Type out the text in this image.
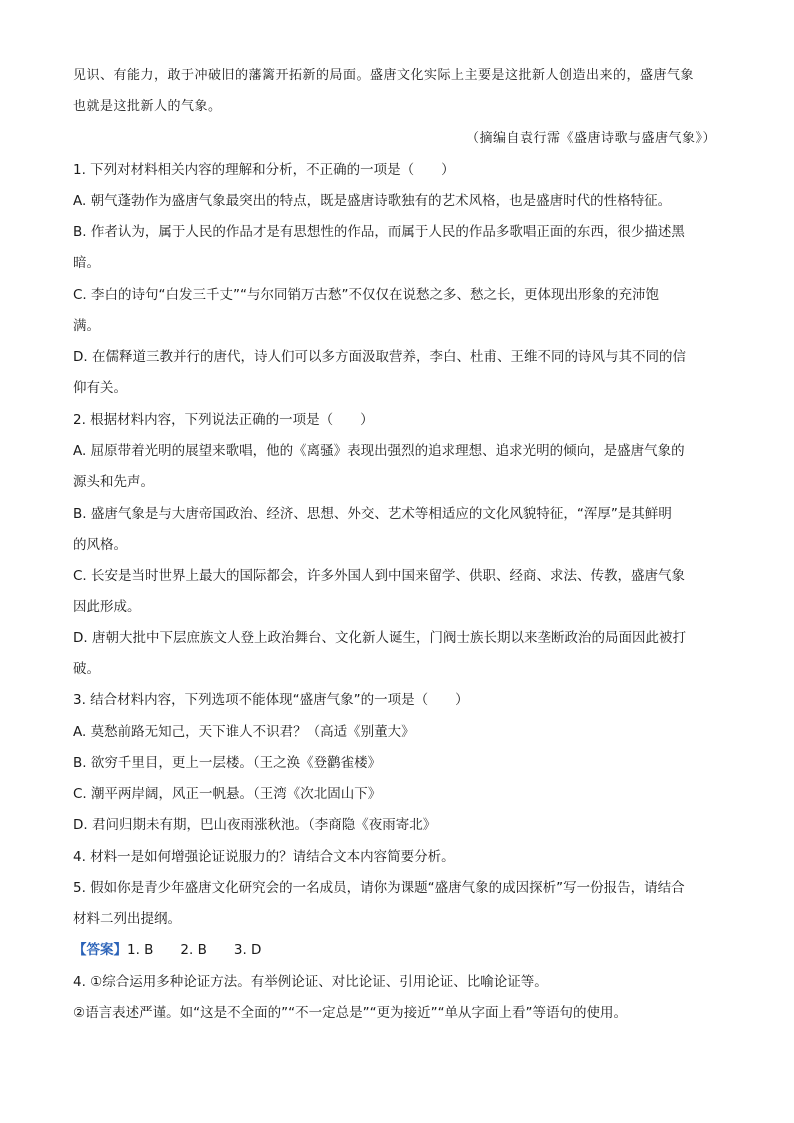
见识、有能力，敢于冲破旧的藩篱开拓新的局面。盛唐文化实际上主要是这批新人创造出来的，盛唐气象
也就是这批新人的气象。
（摘编自袁行霈《盛唐诗歌与盛唐气象》）
1. 下列对材料相关内容的理解和分析，不正确的一项是（　　）
A. 朝气蓬勃作为盛唐气象最突出的特点，既是盛唐诗歌独有的艺术风格，也是盛唐时代的性格特征。
B. 作者认为，属于人民的作品才是有思想性的作品，而属于人民的作品多歌唱正面的东西，很少描述黑
暗。
C. 李白的诗句“白发三千丈”“与尔同销万古愁”不仅仅在说愁之多、愁之长，更体现出形象的充沛饱
满。
D. 在儒释道三教并行的唐代，诗人们可以多方面汲取营养，李白、杜甫、王维不同的诗风与其不同的信
仰有关。
2. 根据材料内容，下列说法正确的一项是（　　）
A. 屈原带着光明的展望来歌唱，他的《离骚》表现出强烈的追求理想、追求光明的倾向，是盛唐气象的
源头和先声。
B. 盛唐气象是与大唐帝国政治、经济、思想、外交、艺术等相适应的文化风貌特征，“浑厚”是其鲜明
的风格。
C. 长安是当时世界上最大的国际都会，许多外国人到中国来留学、供职、经商、求法、传教，盛唐气象
因此形成。
D. 唐朝大批中下层庶族文人登上政治舞台、文化新人诞生，门阀士族长期以来垄断政治的局面因此被打
破。
3. 结合材料内容，下列选项不能体现“盛唐气象”的一项是（　　）
A. 莫愁前路无知己，天下谁人不识君？（高适《别董大》
B. 欲穷千里目，更上一层楼。（王之涣《登鹳雀楼》
C. 潮平两岸阔，风正一帆悬。（王湾《次北固山下》
D. 君问归期未有期，巴山夜雨涨秋池。（李商隐《夜雨寄北》
4. 材料一是如何增强论证说服力的？请结合文本内容简要分析。
5. 假如你是青少年盛唐文化研究会的一名成员，请你为课题“盛唐气象的成因探析”写一份报告，请结合
材料二列出提纲。
【答案】1. B　　2. B　　3. D
4. ①综合运用多种论证方法。有举例论证、对比论证、引用论证、比喻论证等。
②语言表述严谨。如“这是不全面的”“不一定总是”“更为接近”“单从字面上看”等语句的使用。
